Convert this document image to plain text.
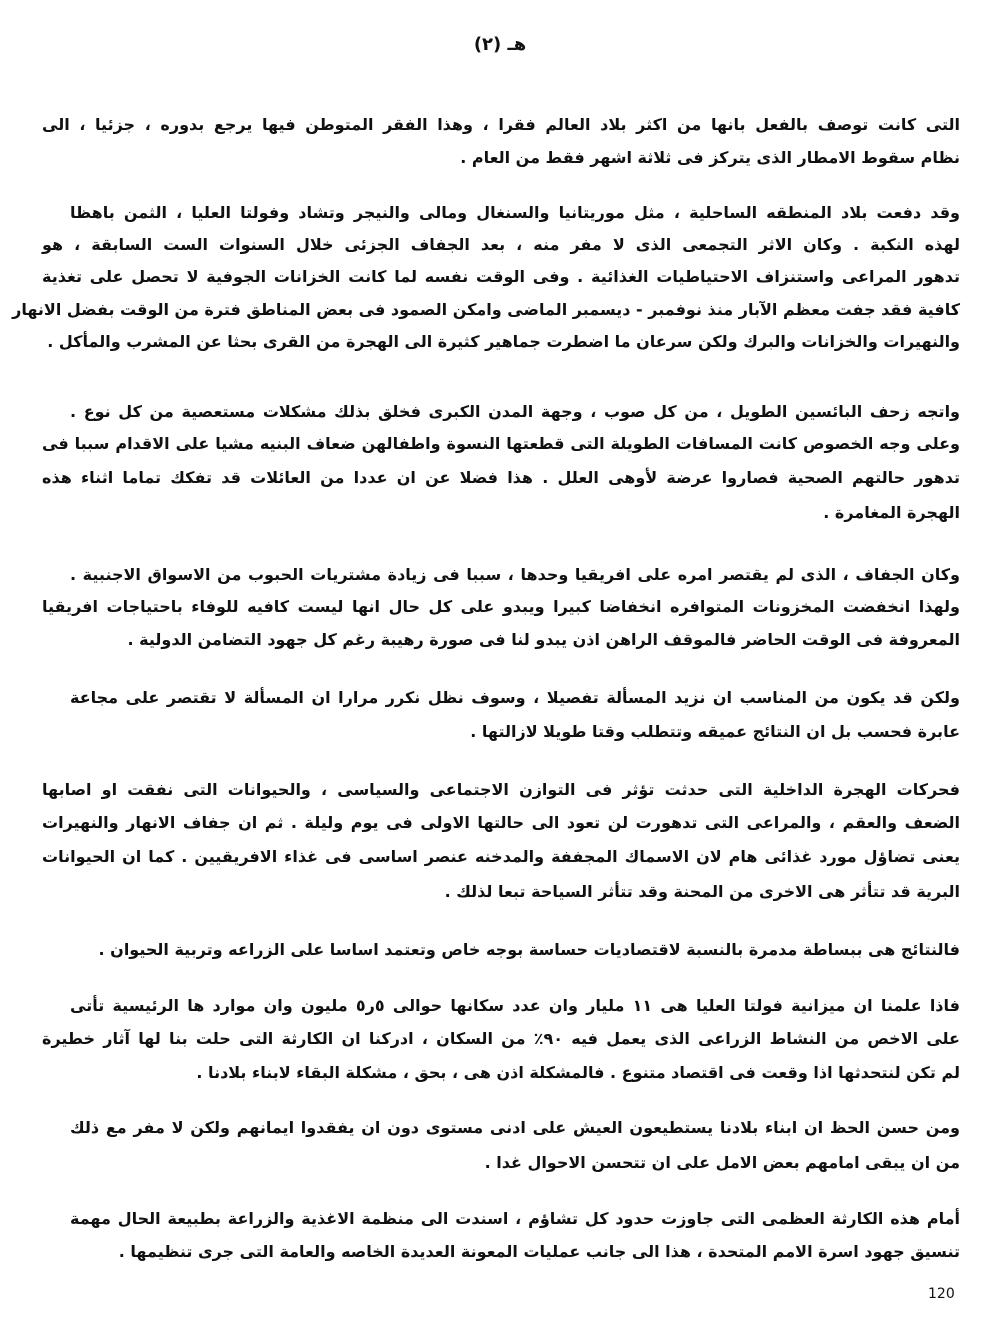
هـ (٢)
التى كانت توصف بالفعل بانها من اكثر بلاد العالم فقرا ، وهذا الفقر المتوطن فيها يرجع بدوره ، جزئيا ، الى
نظام سقوط الامطار الذى يتركز فى ثلاثة اشهر فقط من العام .
وقد دفعت بلاد المنطقه الساحلية ، مثل موريتانيا والسنغال ومالى والنيجر وتشاد وفولتا العليا ، الثمن باهظا
لهذه النكبة . وكان الاثر التجمعى الذى لا مفر منه ، بعد الجفاف الجزئى خلال السنوات الست السابقة ، هو
تدهور المراعى واستنزاف الاحتياطيات الغذائية . وفى الوقت نفسه لما كانت الخزانات الجوفية لا تحصل على تغذية
كافية فقد جفت معظم الآبار منذ نوفمبر - ديسمبر الماضى وامكن الصمود فى بعض المناطق فترة من الوقت بفضل الانهار
والنهيرات والخزانات والبرك ولكن سرعان ما اضطرت جماهير كثيرة الى الهجرة من القرى بحثا عن المشرب والمأكل .
واتجه زحف البائسين الطويل ، من كل صوب ، وجهة المدن الكبرى فخلق بذلك مشكلات مستعصية من كل نوع .
وعلى وجه الخصوص كانت المسافات الطويلة التى قطعتها النسوة واطفالهن ضعاف البنيه مشيا على الاقدام سببا فى
تدهور حالتهم الصحية فصاروا عرضة لأوهى العلل . هذا فضلا عن ان عددا من العائلات قد تفكك تماما اثناء هذه
الهجرة المغامرة .
وكان الجفاف ، الذى لم يقتصر امره على افريقيا وحدها ، سببا فى زيادة مشتريات الحبوب من الاسواق الاجنبية .
ولهذا انخفضت المخزونات المتوافره انخفاضا كبيرا ويبدو على كل حال انها ليست كافيه للوفاء باحتياجات افريقيا
المعروفة فى الوقت الحاضر فالموقف الراهن اذن يبدو لنا فى صورة رهيبة رغم كل جهود التضامن الدولية .
ولكن قد يكون من المناسب ان نزيد المسألة تفصيلا ، وسوف نظل نكرر مرارا ان المسألة لا تقتصر على مجاعة
عابرة فحسب بل ان النتائج عميقه وتتطلب وقتا طويلا لازالتها .
فحركات الهجرة الداخلية التى حدثت تؤثر فى التوازن الاجتماعى والسياسى ، والحيوانات التى نفقت او اصابها
الضعف والعقم ، والمراعى التى تدهورت لن تعود الى حالتها الاولى فى يوم وليلة . ثم ان جفاف الانهار والنهيرات
يعنى تضاؤل مورد غذائى هام لان الاسماك المجففة والمدخنه عنصر اساسى فى غذاء الافريقيين . كما ان الحيوانات
البرية قد تتأثر هى الاخرى من المحنة وقد تتأثر السياحة تبعا لذلك .
فالنتائج هى ببساطة مدمرة بالنسبة لاقتصاديات حساسة بوجه خاص وتعتمد اساسا على الزراعه وتربية الحيوان .
فاذا علمنا ان ميزانية فولتا العليا هى ١١ مليار وان عدد سكانها حوالى ٥ر٥ مليون وان موارد ها الرئيسية تأتى
على الاخص من النشاط الزراعى الذى يعمل فيه ٩٠٪ من السكان ، ادركنا ان الكارثة التى حلت بنا لها آثار خطيرة
لم تكن لنتحدثها اذا وقعت فى اقتصاد متنوع . فالمشكلة اذن هى ، بحق ، مشكلة البقاء لابناء بلادنا .
ومن حسن الحظ ان ابناء بلادنا يستطيعون العيش على ادنى مستوى دون ان يفقدوا ايمانهم ولكن لا مفر مع ذلك
من ان يبقى امامهم بعض الامل على ان تتحسن الاحوال غدا .
أمام هذه الكارثة العظمى التى جاوزت حدود كل تشاؤم ، اسندت الى منظمة الاغذية والزراعة بطبيعة الحال مهمة
تنسيق جهود اسرة الامم المتحدة ، هذا الى جانب عمليات المعونة العديدة الخاصه والعامة التى جرى تنظيمها .
120
